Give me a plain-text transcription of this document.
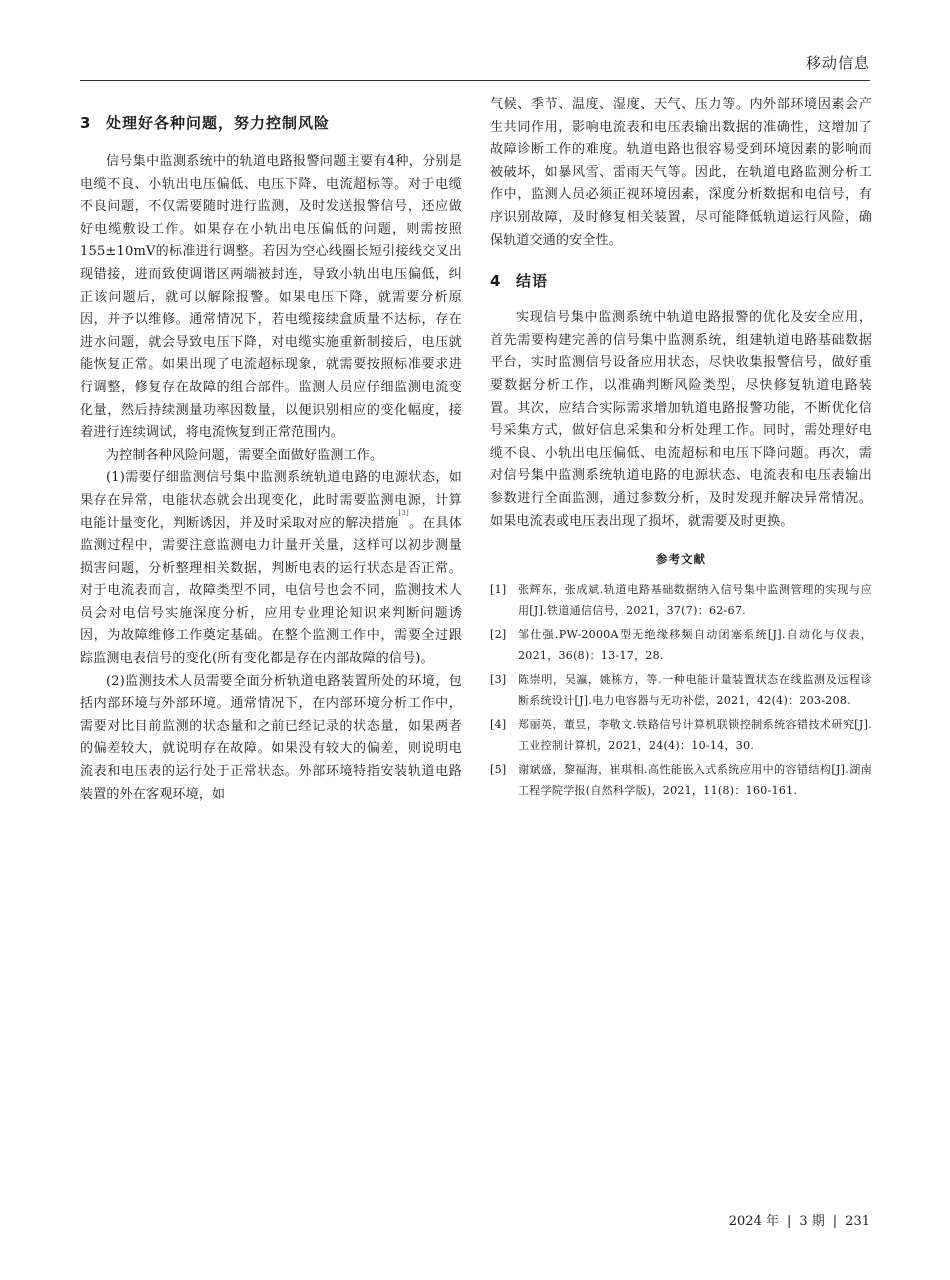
移动信息
3 处理好各种问题，努力控制风险

信号集中监测系统中的轨道电路报警问题主要有4种，分别是电缆不良、小轨出电压偏低、电压下降、电流超标等。对于电缆不良问题，不仅需要随时进行监测，及时发送报警信号，还应做好电缆敷设工作。如果存在小轨出电压偏低的问题，则需按照155±10mV的标准进行调整。若因为空心线圈长短引接线交叉出现错接，进而致使调谐区两端被封连，导致小轨出电压偏低，纠正该问题后，就可以解除报警。如果电压下降，就需要分析原因，并予以维修。通常情况下，若电缆接续盒质量不达标，存在进水问题，就会导致电压下降，对电缆实施重新制接后，电压就能恢复正常。如果出现了电流超标现象，就需要按照标准要求进行调整，修复存在故障的组合部件。监测人员应仔细监测电流变化量，然后持续测量功率因数量，以便识别相应的变化幅度，接着进行连续调试，将电流恢复到正常范围内。

为控制各种风险问题，需要全面做好监测工作。

(1)需要仔细监测信号集中监测系统轨道电路的电源状态，如果存在异常，电能状态就会出现变化，此时需要监测电源，计算电能计量变化，判断诱因，并及时采取对应的解决措施[3]。在具体监测过程中，需要注意监测电力计量开关量，这样可以初步测量损害问题，分析整理相关数据，判断电表的运行状态是否正常。对于电流表而言，故障类型不同，电信号也会不同，监测技术人员会对电信号实施深度分析，应用专业理论知识来判断问题诱因，为故障维修工作奠定基础。在整个监测工作中，需要全过跟踪监测电表信号的变化(所有变化都是存在内部故障的信号)。

(2)监测技术人员需要全面分析轨道电路装置所处的环境，包括内部环境与外部环境。通常情况下，在内部环境分析工作中，需要对比目前监测的状态量和之前已经记录的状态量，如果两者的偏差较大，就说明存在故障。如果没有较大的偏差，则说明电流表和电压表的运行处于正常状态。外部环境特指安装轨道电路装置的外在客观环境，如

气候、季节、温度、湿度、天气、压力等。内外部环境因素会产生共同作用，影响电流表和电压表输出数据的准确性，这增加了故障诊断工作的难度。轨道电路也很容易受到环境因素的影响而被破坏，如暴风雪、雷雨天气等。因此，在轨道电路监测分析工作中，监测人员必须正视环境因素，深度分析数据和电信号，有序识别故障，及时修复相关装置，尽可能降低轨道运行风险，确保轨道交通的安全性。

4 结语

实现信号集中监测系统中轨道电路报警的优化及安全应用，首先需要构建完善的信号集中监测系统，组建轨道电路基础数据平台，实时监测信号设备应用状态，尽快收集报警信号，做好重要数据分析工作，以准确判断风险类型，尽快修复轨道电路装置。其次，应结合实际需求增加轨道电路报警功能，不断优化信号采集方式，做好信息采集和分析处理工作。同时，需处理好电缆不良、小轨出电压偏低、电流超标和电压下降问题。再次，需对信号集中监测系统轨道电路的电源状态、电流表和电压表输出参数进行全面监测，通过参数分析，及时发现并解决异常情况。如果电流表或电压表出现了损坏，就需要及时更换。

参考文献
[1] 张辉东，张成斌.轨道电路基础数据纳入信号集中监测管理的实现与应用[J].铁道通信信号，2021，37(7)：62-67.
[2] 邹仕强.PW-2000A型无绝缘移频自动闭塞系统[J].自动化与仪表，2021，36(8)：13-17，28.
[3] 陈崇明，吴瀛，姚栋方，等.一种电能计量装置状态在线监测及远程诊断系统设计[J].电力电容器与无功补偿，2021，42(4)：203-208.
[4] 郑丽英，董昱，李敬文.铁路信号计算机联锁控制系统容错技术研究[J].工业控制计算机，2021，24(4)：10-14，30.
[5] 谢斌盛，黎福海，崔琪相.高性能嵌入式系统应用中的容错结构[J].湖南工程学院学报(自然科学版)，2021，11(8)：160-161.
2024 年 | 3 期 | 231
